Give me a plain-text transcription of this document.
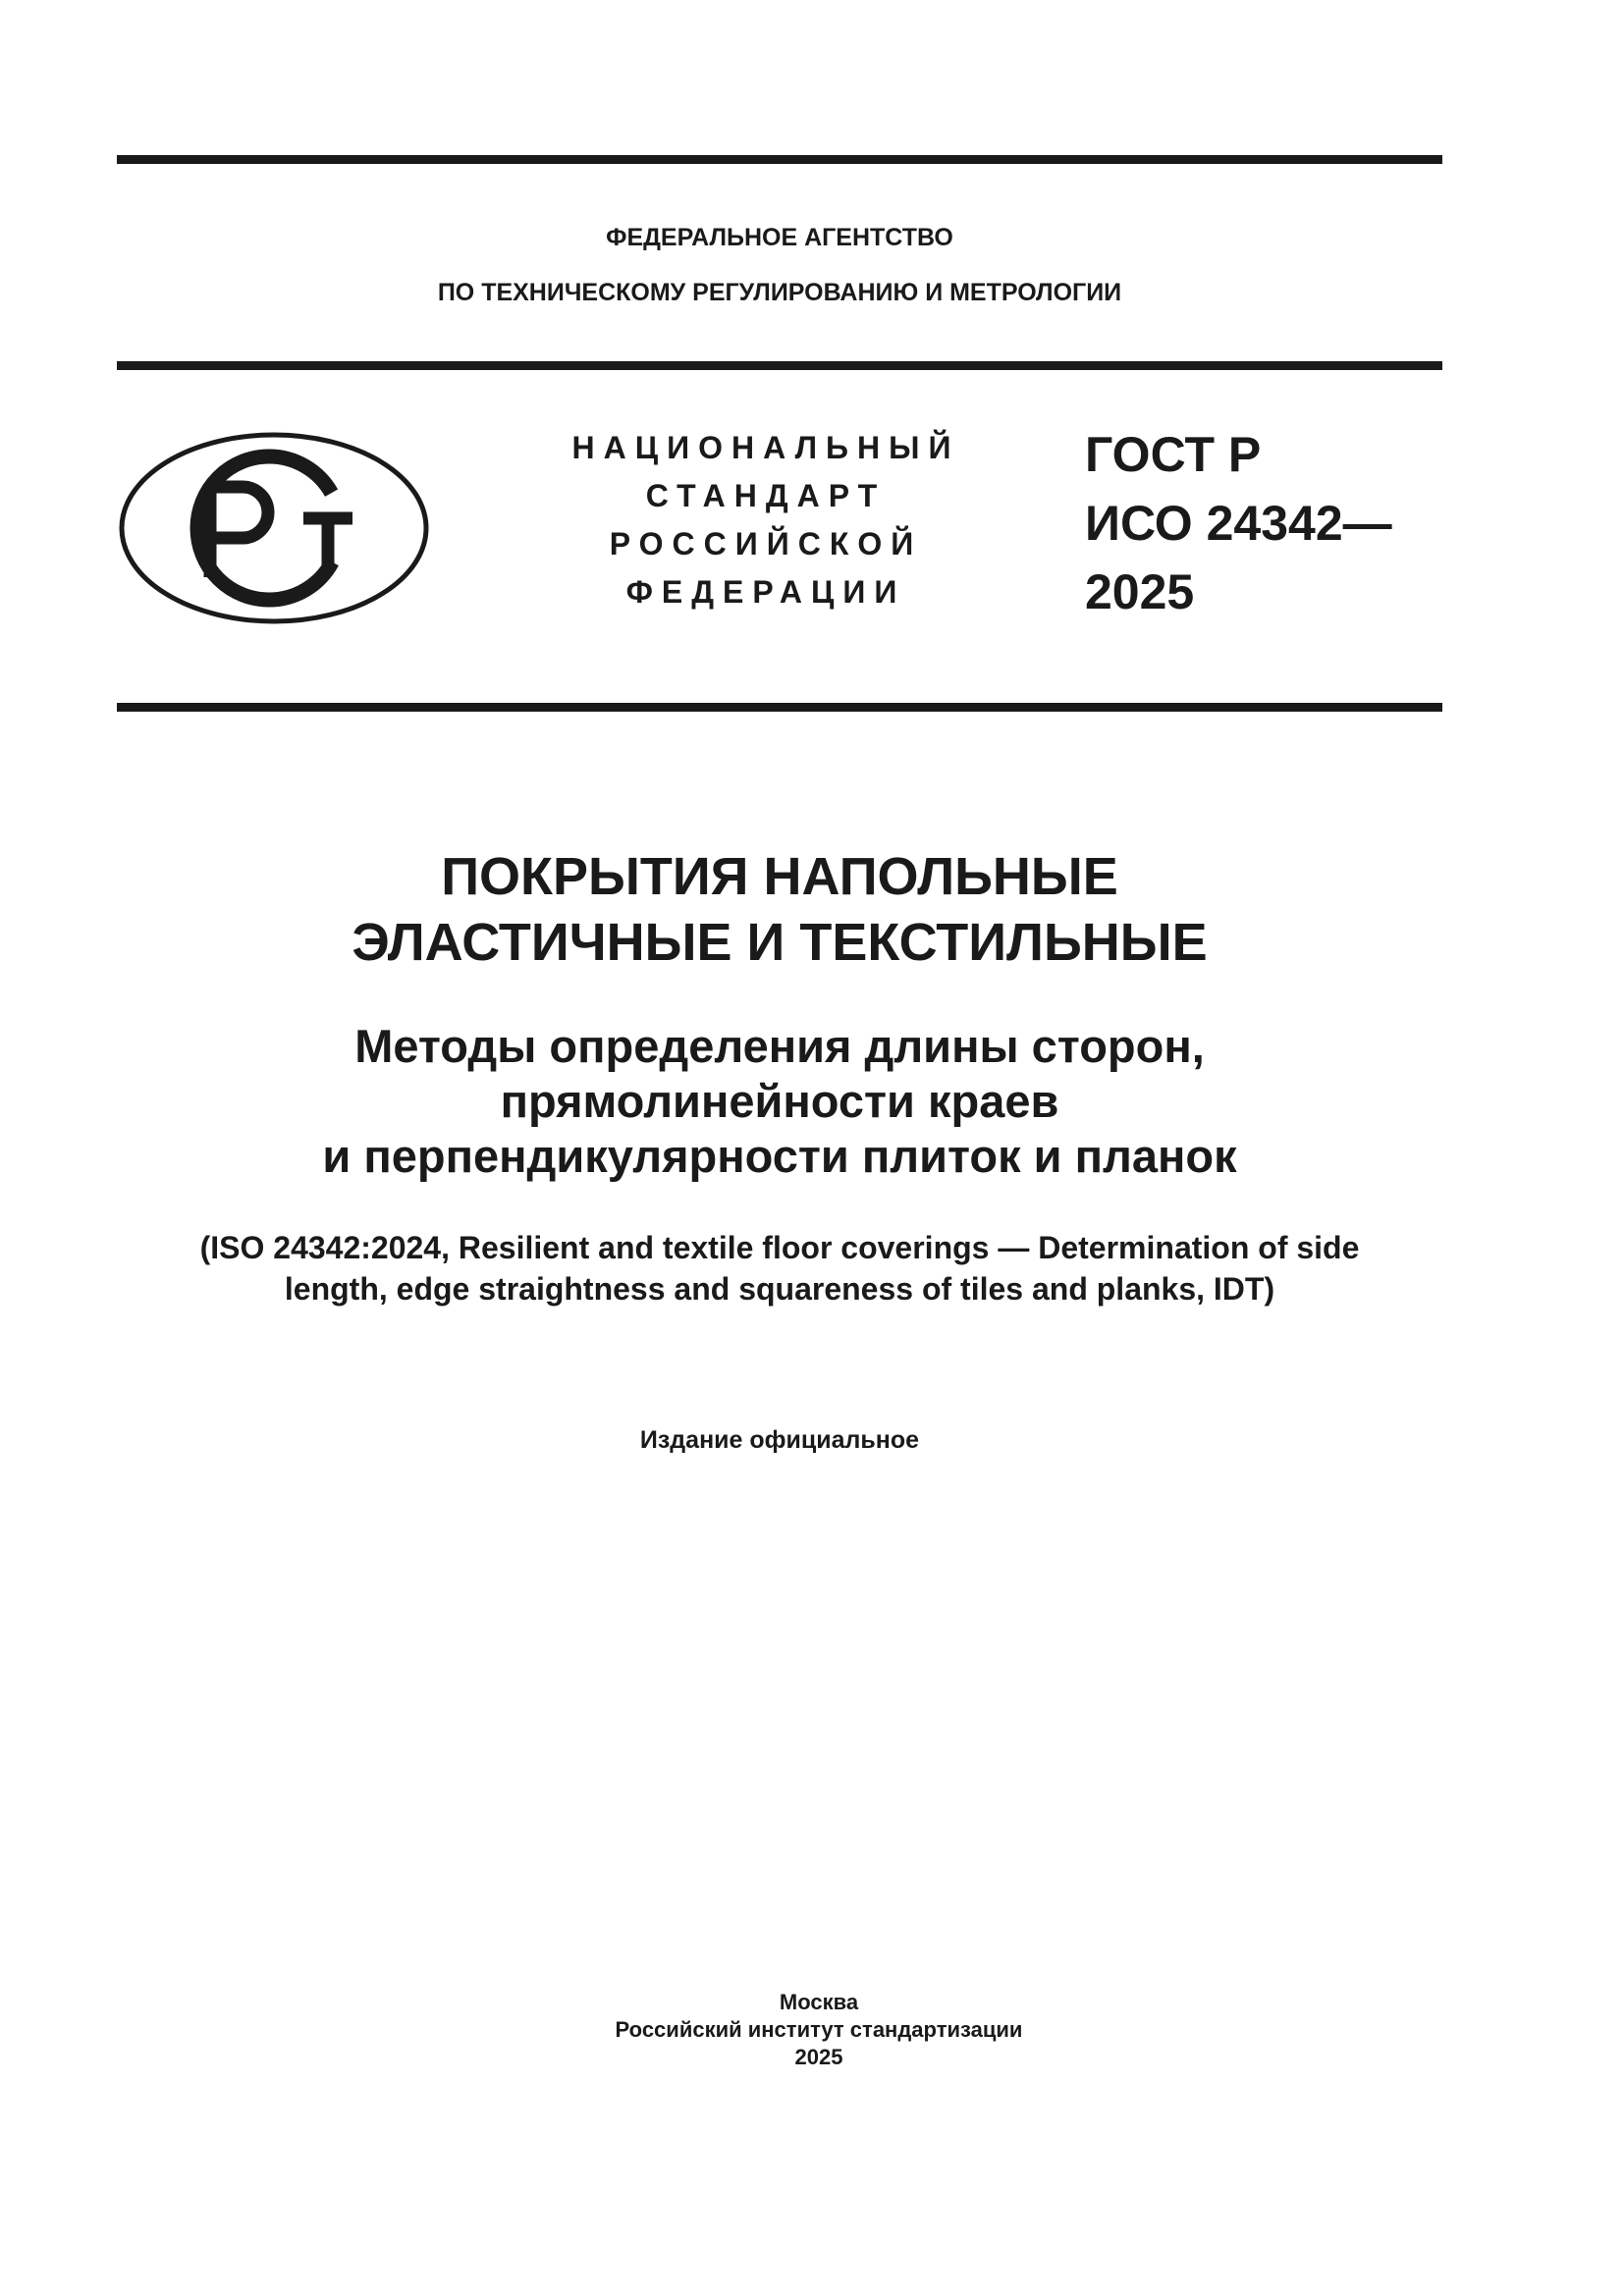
ФЕДЕРАЛЬНОЕ АГЕНТСТВО
ПО ТЕХНИЧЕСКОМУ РЕГУЛИРОВАНИЮ И МЕТРОЛОГИИ
НАЦИОНАЛЬНЫЙ
СТАНДАРТ
РОССИЙСКОЙ
ФЕДЕРАЦИИ
ГОСТ Р
ИСО 24342—
2025
ПОКРЫТИЯ НАПОЛЬНЫЕ
ЭЛАСТИЧНЫЕ И ТЕКСТИЛЬНЫЕ
Методы определения длины сторон,
прямолинейности краев
и перпендикулярности плиток и планок
(ISO 24342:2024, Resilient and textile floor coverings — Determination of side
length, edge straightness and squareness of tiles and planks, IDT)
Издание официальное
Москва
Российский институт стандартизации
2025
